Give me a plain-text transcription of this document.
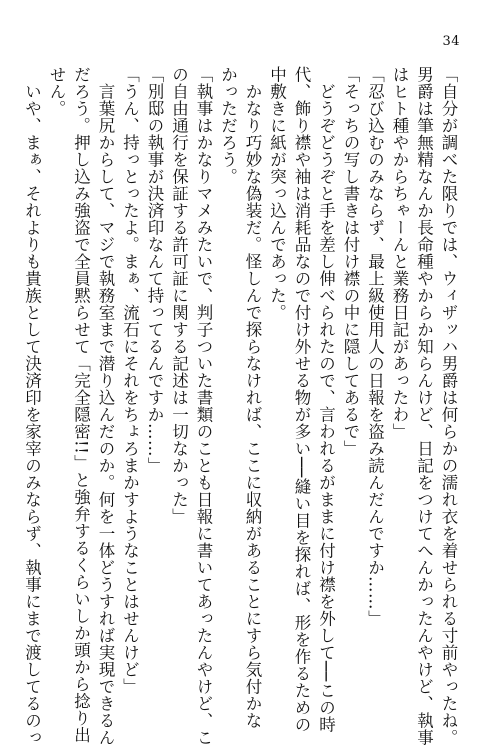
34
「自分が調べた限りでは、ウィザッハ男爵は何らかの濡れ衣を着せられる寸前やったね。
男爵は筆無精なんか長命種やからか知らんけど、日記をつけてへんかったんやけど、執事
はヒト種やからちゃーんと業務日記があったわ」
「忍び込むのみならず、最上級使用人の日報を盗み読んだんですか……」
「そっちの写し書きは付け襟の中に隠してあるで」
どうぞどうぞと手を差し伸べられたので、言われるがままに付け襟を外して──この時
代、飾り襟や袖は消耗品なので付け外せる物が多い──縫い目を探れば、形を作るための
中敷きに紙が突っ込んであった。
かなり巧妙な偽装だ。怪しんで探らなければ、ここに収納があることにすら気付かな
かっただろう。
「執事はかなりマメみたいで、判子ついた書類のことも日報に書いてあったんやけど、こ
の自由通行を保証する許可証に関する記述は一切なかった」
「別邸の執事が決済印なんて持ってるんですか……」
「うん、持っとったよ。まぁ、流石にそれをちょろまかすようなことはせんけど」
言葉尻からして、マジで執務室まで潜り込んだのか。何を一体どうすれば実現できるん
だろう。押し込み強盗で全員黙らせて「完全隠密!!」と強弁するくらいしか頭から捻り出
せん。
いや、まぁ、それよりも貴族として決済印を家宰のみならず、執事にまで渡してるのっ
